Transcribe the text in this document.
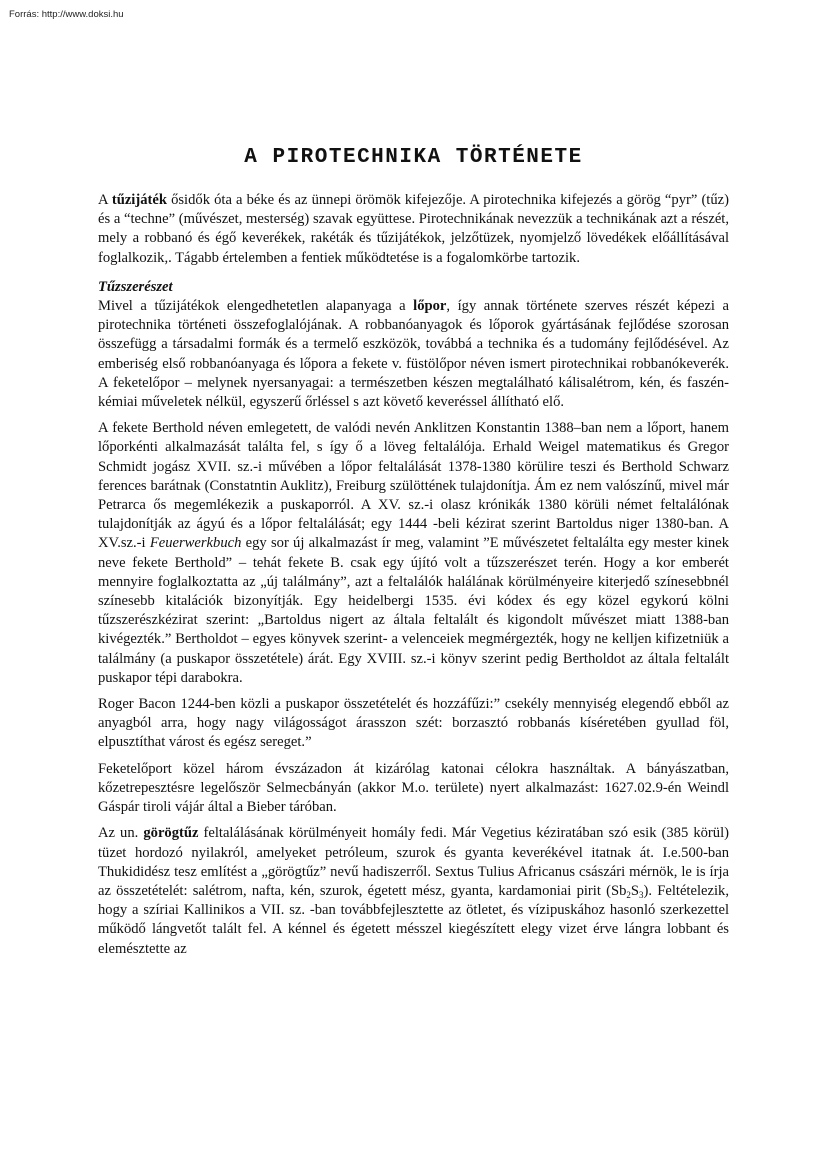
Forrás: http://www.doksi.hu
A PIROTECHNIKA TÖRTÉNETE

A tűzijáték ősidők óta a béke és az ünnepi örömök kifejezője. A pirotechnika kifejezés a görög “pyr” (tűz) és a “techne” (művészet, mesterség) szavak együttese. Pirotechnikának nevezzük a technikának azt a részét, mely a robbanó és égő keverékek, rakéták és tűzijátékok, jelzőtüzek, nyomjelző lövedékek előállításával foglalkozik,. Tágabb értelemben a fentiek működtetése is a fogalomkörbe tartozik.

Tűzszerészet

Mivel a tűzijátékok elengedhetetlen alapanyaga a lőpor, így annak története szerves részét képezi a pirotechnika történeti összefoglalójának. A robbanóanyagok és lőporok gyártásának fejlődése szorosan összefügg a társadalmi formák és a termelő eszközök, továbbá a technika és a tudomány fejlődésével. Az emberiség első robbanóanyaga és lőpora a fekete v. füstölőpor néven ismert pirotechnikai robbanókeverék. A feketelőpor – melynek nyersanyagai: a természetben készen megtalálható kálisalétrom, kén, és faszén- kémiai műveletek nélkül, egyszerű őrléssel s azt követő keveréssel állítható elő.

A fekete Berthold néven emlegetett, de valódi nevén Anklitzen Konstantin 1388–ban nem a lőport, hanem lőporkénti alkalmazását találta fel, s így ő a löveg feltalálója. Erhald Weigel matematikus és Gregor Schmidt jogász XVII. sz.-i művében a lőpor feltalálását 1378-1380 körülire teszi és Berthold Schwarz ferences barátnak (Constatntin Auklitz), Freiburg szülöttének tulajdonítja. Ám ez nem valószínű, mivel már Petrarca ős megemlékezik a puskaporról. A XV. sz.-i olasz krónikák 1380 körüli német feltalálónak tulajdonítják az ágyú és a lőpor feltalálását; egy 1444 -beli kézirat szerint Bartoldus niger 1380-ban. A XV.sz.-i Feuerwerkbuch egy sor új alkalmazást ír meg, valamint ”E művészetet feltalálta egy mester kinek neve fekete Berthold” – tehát fekete B. csak egy újító volt a tűzszerészet terén. Hogy a kor emberét mennyire foglalkoztatta az „új találmány”, azt a feltalálók halálának körülményeire kiterjedő színesebbnél színesebb kitalációk bizonyítják. Egy heidelbergi 1535. évi kódex és egy közel egykorú kölni tűzszerészkézirat szerint: „Bartoldus nigert az általa feltalált és kigondolt művészet miatt 1388-ban kivégezték.” Bertholdot – egyes könyvek szerint- a velenceiek megmérgezték, hogy ne kelljen kifizetniük a találmány (a puskapor összetétele) árát. Egy XVIII. sz.-i könyv szerint pedig Bertholdot az általa feltalált puskapor tépi darabokra.

Roger Bacon 1244-ben közli a puskapor összetételét és hozzáfűzi:” csekély mennyiség elegendő ebből az anyagból arra, hogy nagy világosságot árasszon szét: borzasztó robbanás kíséretében gyullad föl, elpusztíthat várost és egész sereget.”

Feketelőport közel három évszázadon át kizárólag katonai célokra használtak. A bányászatban, kőzetrepesztésre legelőször Selmecbányán (akkor M.o. területe) nyert alkalmazást: 1627.02.9-én Weindl Gáspár tiroli vájár által a Bieber táróban.

Az un. görögtűz feltalálásának körülményeit homály fedi. Már Vegetius kéziratában szó esik (385 körül) tüzet hordozó nyilakról, amelyeket petróleum, szurok és gyanta keverékével itatnak át. I.e.500-ban Thukididész tesz említést a „görögtűz” nevű hadiszerről. Sextus Tulius Africanus császári mérnök, le is írja az összetételét: salétrom, nafta, kén, szurok, égetett mész, gyanta, kardamoniai pirit $(Sb_2S_3)$. Feltételezik, hogy a szíriai Kallinikos a VII. sz. -ban továbbfejlesztette az ötletet, és vízipuskához hasonló szerkezettel működő lángvetőt talált fel. A kénnel és égetett mésszel kiegészített elegy vizet érve lángra lobbant és elemésztette az
